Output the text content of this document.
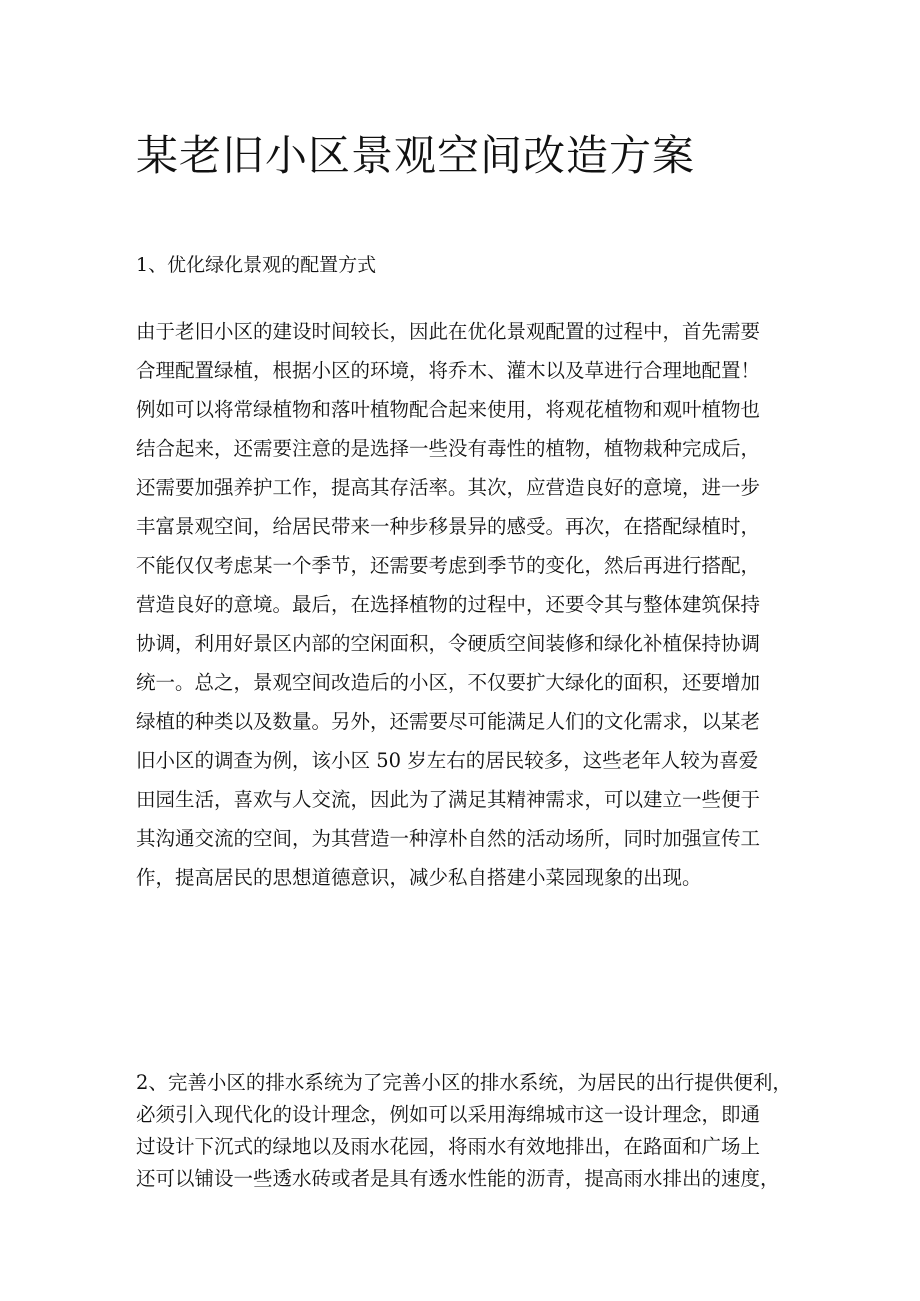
某老旧小区景观空间改造方案
1、优化绿化景观的配置方式

由于老旧小区的建设时间较长，因此在优化景观配置的过程中，首先需要
合理配置绿植，根据小区的环境，将乔木、灌木以及草进行合理地配置！
例如可以将常绿植物和落叶植物配合起来使用，将观花植物和观叶植物也
结合起来，还需要注意的是选择一些没有毒性的植物，植物栽种完成后，
还需要加强养护工作，提高其存活率。其次，应营造良好的意境，进一步
丰富景观空间，给居民带来一种步移景异的感受。再次，在搭配绿植时，
不能仅仅考虑某一个季节，还需要考虑到季节的变化，然后再进行搭配，
营造良好的意境。最后，在选择植物的过程中，还要令其与整体建筑保持
协调，利用好景区内部的空闲面积，令硬质空间装修和绿化补植保持协调
统一。总之，景观空间改造后的小区，不仅要扩大绿化的面积，还要增加
绿植的种类以及数量。另外，还需要尽可能满足人们的文化需求，以某老
旧小区的调查为例，该小区 50 岁左右的居民较多，这些老年人较为喜爱
田园生活，喜欢与人交流，因此为了满足其精神需求，可以建立一些便于
其沟通交流的空间，为其营造一种淳朴自然的活动场所，同时加强宣传工
作，提高居民的思想道德意识，减少私自搭建小菜园现象的出现。

2、完善小区的排水系统为了完善小区的排水系统，为居民的出行提供便利，
必须引入现代化的设计理念，例如可以采用海绵城市这一设计理念，即通
过设计下沉式的绿地以及雨水花园，将雨水有效地排出，在路面和广场上
还可以铺设一些透水砖或者是具有透水性能的沥青，提高雨水排出的速度，
